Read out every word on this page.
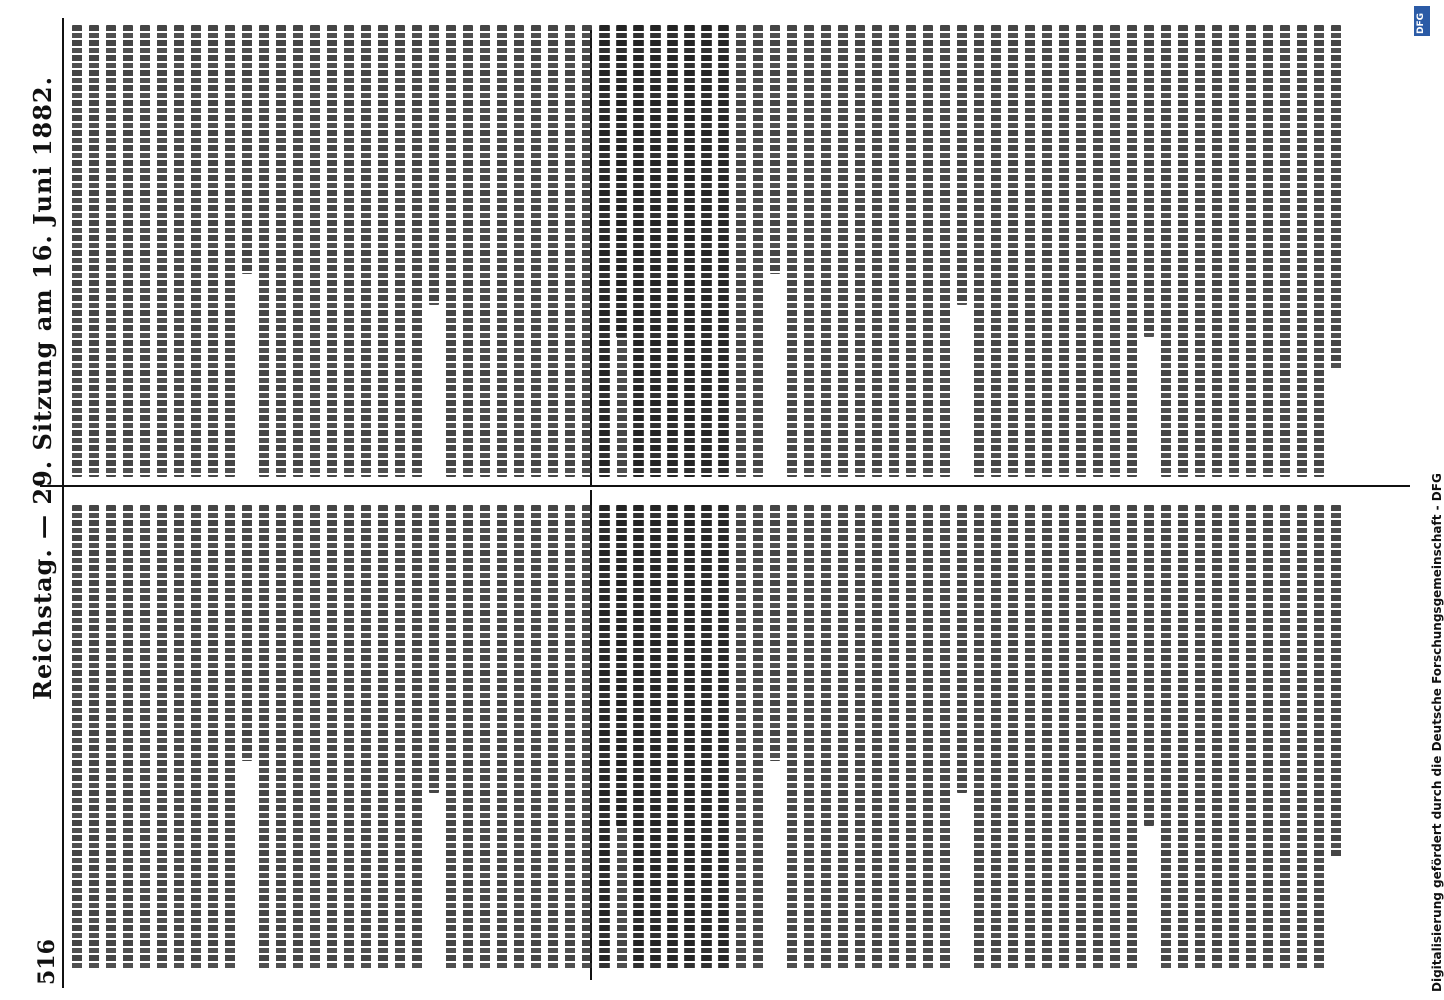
516
Reichstag. — 29. Sitzung am 16. Juni 1882.
Digitalisierung gefördert durch die Deutsche Forschungsgemeinschaft - DFG
DFG
